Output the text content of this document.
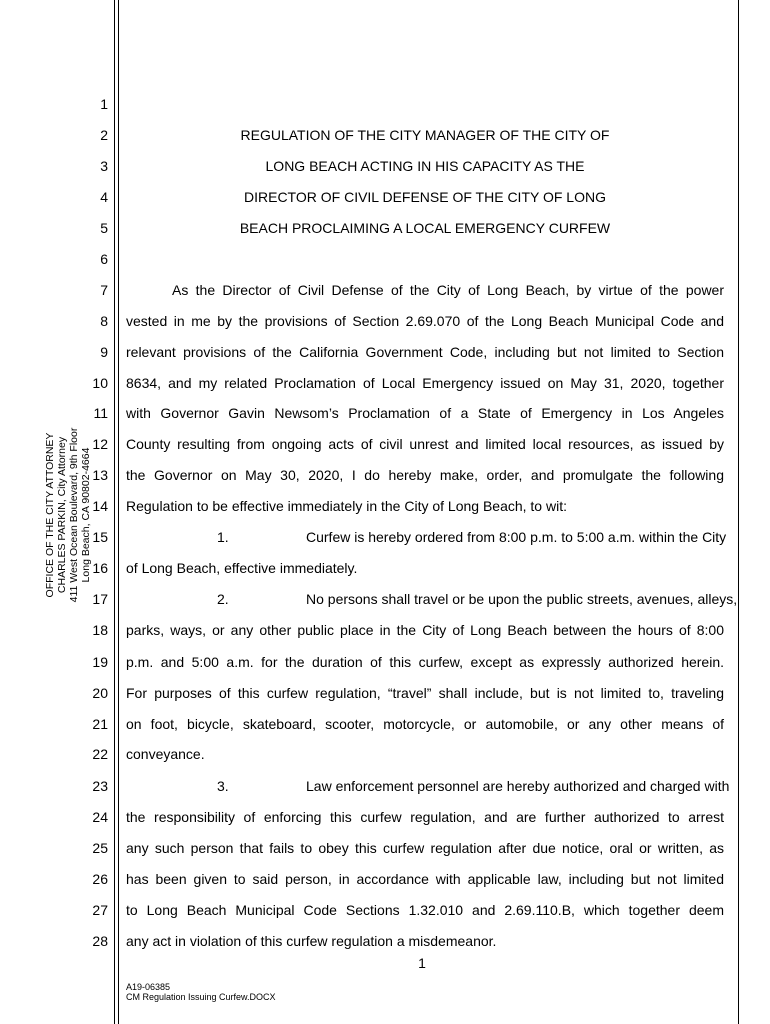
OFFICE OF THE CITY ATTORNEY CHARLES PARKIN, City Attorney 411 West Ocean Boulevard, 9th Floor Long Beach, CA 90802-4664
1
2
3
4
5
6
7
8
9
10
11
12
13
14
15
16
17
18
19
20
21
22
23
24
25
26
27
28
REGULATION OF THE CITY MANAGER OF THE CITY OF
LONG BEACH ACTING IN HIS CAPACITY AS THE
DIRECTOR OF CIVIL DEFENSE OF THE CITY OF LONG
BEACH PROCLAIMING A LOCAL EMERGENCY CURFEW
As the Director of Civil Defense of the City of Long Beach, by virtue of the power
vested in me by the provisions of Section 2.69.070 of the Long Beach Municipal Code and
relevant provisions of the California Government Code, including but not limited to Section
8634, and my related Proclamation of Local Emergency issued on May 31, 2020, together
with Governor Gavin Newsom’s Proclamation of a State of Emergency in Los Angeles
County resulting from ongoing acts of civil unrest and limited local resources, as issued by
the Governor on May 30, 2020, I do hereby make, order, and promulgate the following
Regulation to be effective immediately in the City of Long Beach, to wit:
1.	Curfew is hereby ordered from 8:00 p.m. to 5:00 a.m. within the City
of Long Beach, effective immediately.
2.	No persons shall travel or be upon the public streets, avenues, alleys,
parks, ways, or any other public place in the City of Long Beach between the hours of 8:00
p.m. and 5:00 a.m. for the duration of this curfew, except as expressly authorized herein.
For purposes of this curfew regulation, “travel” shall include, but is not limited to, traveling
on foot, bicycle, skateboard, scooter, motorcycle, or automobile, or any other means of
conveyance.
3.	Law enforcement personnel are hereby authorized and charged with
the responsibility of enforcing this curfew regulation, and are further authorized to arrest
any such person that fails to obey this curfew regulation after due notice, oral or written, as
has been given to said person, in accordance with applicable law, including but not limited
to Long Beach Municipal Code Sections 1.32.010 and 2.69.110.B, which together deem
any act in violation of this curfew regulation a misdemeanor.
1
A19-06385
CM Regulation Issuing Curfew.DOCX
